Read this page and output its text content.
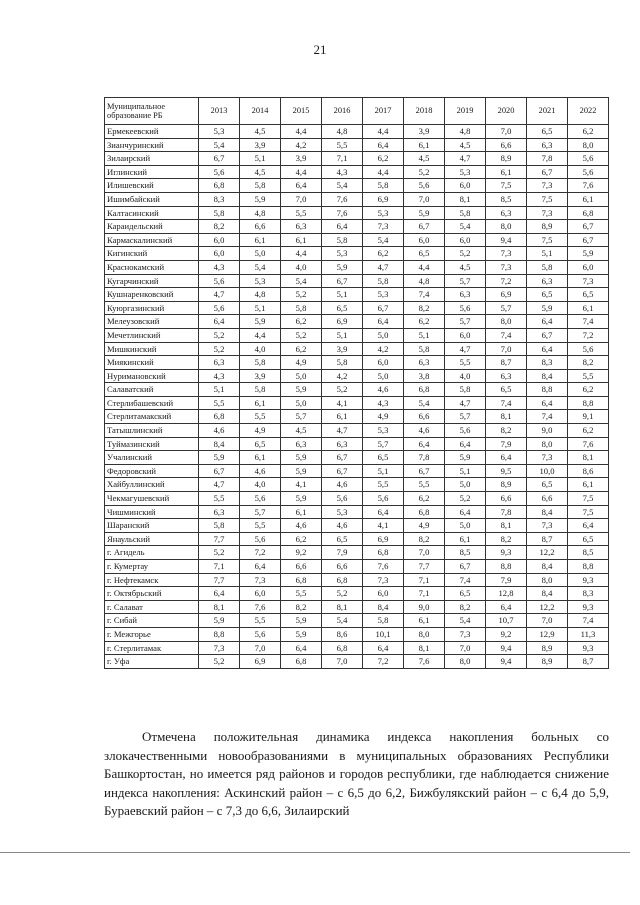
21
Муниципальное образование РБ	2013	2014	2015	2016	2017	2018	2019	2020	2021	2022
Ермекеевский	5,3	4,5	4,4	4,8	4,4	3,9	4,8	7,0	6,5	6,2
Зианчуринский	5,4	3,9	4,2	5,5	6,4	6,1	4,5	6,6	6,3	8,0
Зилаирский	6,7	5,1	3,9	7,1	6,2	4,5	4,7	8,9	7,8	5,6
Иглинский	5,6	4,5	4,4	4,3	4,4	5,2	5,3	6,1	6,7	5,6
Илишевский	6,8	5,8	6,4	5,4	5,8	5,6	6,0	7,5	7,3	7,6
Ишимбайский	8,3	5,9	7,0	7,6	6,9	7,0	8,1	8,5	7,5	6,1
Калтасинский	5,8	4,8	5,5	7,6	5,3	5,9	5,8	6,3	7,3	6,8
Караидельский	8,2	6,6	6,3	6,4	7,3	6,7	5,4	8,0	8,9	6,7
Кармаскалинский	6,0	6,1	6,1	5,8	5,4	6,0	6,0	9,4	7,5	6,7
Кигинский	6,0	5,0	4,4	5,3	6,2	6,5	5,2	7,3	5,1	5,9
Краснокамский	4,3	5,4	4,0	5,9	4,7	4,4	4,5	7,3	5,8	6,0
Кугарчинский	5,6	5,3	5,4	6,7	5,8	4,8	5,7	7,2	6,3	7,3
Кушнаренковский	4,7	4,8	5,2	5,1	5,3	7,4	6,3	6,9	6,5	6,5
Куюргазинский	5,6	5,1	5,8	6,5	6,7	8,2	5,6	5,7	5,9	6,1
Мелеузовский	6,4	5,9	6,2	6,9	6,4	6,2	5,7	8,0	6,4	7,4
Мечетлинский	5,2	4,4	5,2	5,1	5,0	5,1	6,0	7,4	6,7	7,2
Мишкинский	5,2	4,0	6,2	3,9	4,2	5,8	4,7	7,0	6,4	5,6
Миякинский	6,3	5,8	4,9	5,8	6,0	6,3	5,5	8,7	8,3	8,2
Нуримановский	4,3	3,9	5,0	4,2	5,0	3,8	4,0	6,3	8,4	5,5
Салаватский	5,1	5,8	5,9	5,2	4,6	6,8	5,8	6,5	8,8	6,2
Стерлибашевский	5,5	6,1	5,0	4,1	4,3	5,4	4,7	7,4	6,4	8,8
Стерлитамакский	6,8	5,5	5,7	6,1	4,9	6,6	5,7	8,1	7,4	9,1
Татышлинский	4,6	4,9	4,5	4,7	5,3	4,6	5,6	8,2	9,0	6,2
Туймазинский	8,4	6,5	6,3	6,3	5,7	6,4	6,4	7,9	8,0	7,6
Учалинский	5,9	6,1	5,9	6,7	6,5	7,8	5,9	6,4	7,3	8,1
Федоровский	6,7	4,6	5,9	6,7	5,1	6,7	5,1	9,5	10,0	8,6
Хайбуллинский	4,7	4,0	4,1	4,6	5,5	5,5	5,0	8,9	6,5	6,1
Чекмагушевский	5,5	5,6	5,9	5,6	5,6	6,2	5,2	6,6	6,6	7,5
Чишминский	6,3	5,7	6,1	5,3	6,4	6,8	6,4	7,8	8,4	7,5
Шаранский	5,8	5,5	4,6	4,6	4,1	4,9	5,0	8,1	7,3	6,4
Янаульский	7,7	5,6	6,2	6,5	6,9	8,2	6,1	8,2	8,7	6,5
г. Агидель	5,2	7,2	9,2	7,9	6,8	7,0	8,5	9,3	12,2	8,5
г. Кумертау	7,1	6,4	6,6	6,6	7,6	7,7	6,7	8,8	8,4	8,8
г. Нефтекамск	7,7	7,3	6,8	6,8	7,3	7,1	7,4	7,9	8,0	9,3
г. Октябрьский	6,4	6,0	5,5	5,2	6,0	7,1	6,5	12,8	8,4	8,3
г. Салават	8,1	7,6	8,2	8,1	8,4	9,0	8,2	6,4	12,2	9,3
г. Сибай	5,9	5,5	5,9	5,4	5,8	6,1	5,4	10,7	7,0	7,4
г. Межгорье	8,8	5,6	5,9	8,6	10,1	8,0	7,3	9,2	12,9	11,3
г. Стерлитамак	7,3	7,0	6,4	6,8	6,4	8,1	7,0	9,4	8,9	9,3
г. Уфа	5,2	6,9	6,8	7,0	7,2	7,6	8,0	9,4	8,9	8,7

Отмечена положительная динамика индекса накопления больных со злокачественными новообразованиями в муниципальных образованиях Республики Башкортостан, но имеется ряд районов и городов республики, где наблюдается снижение индекса накопления: Аскинский район – с 6,5 до 6,2, Бижбулякский район – с 6,4 до 5,9, Бураевский район – с 7,3 до 6,6, Зилаирский
